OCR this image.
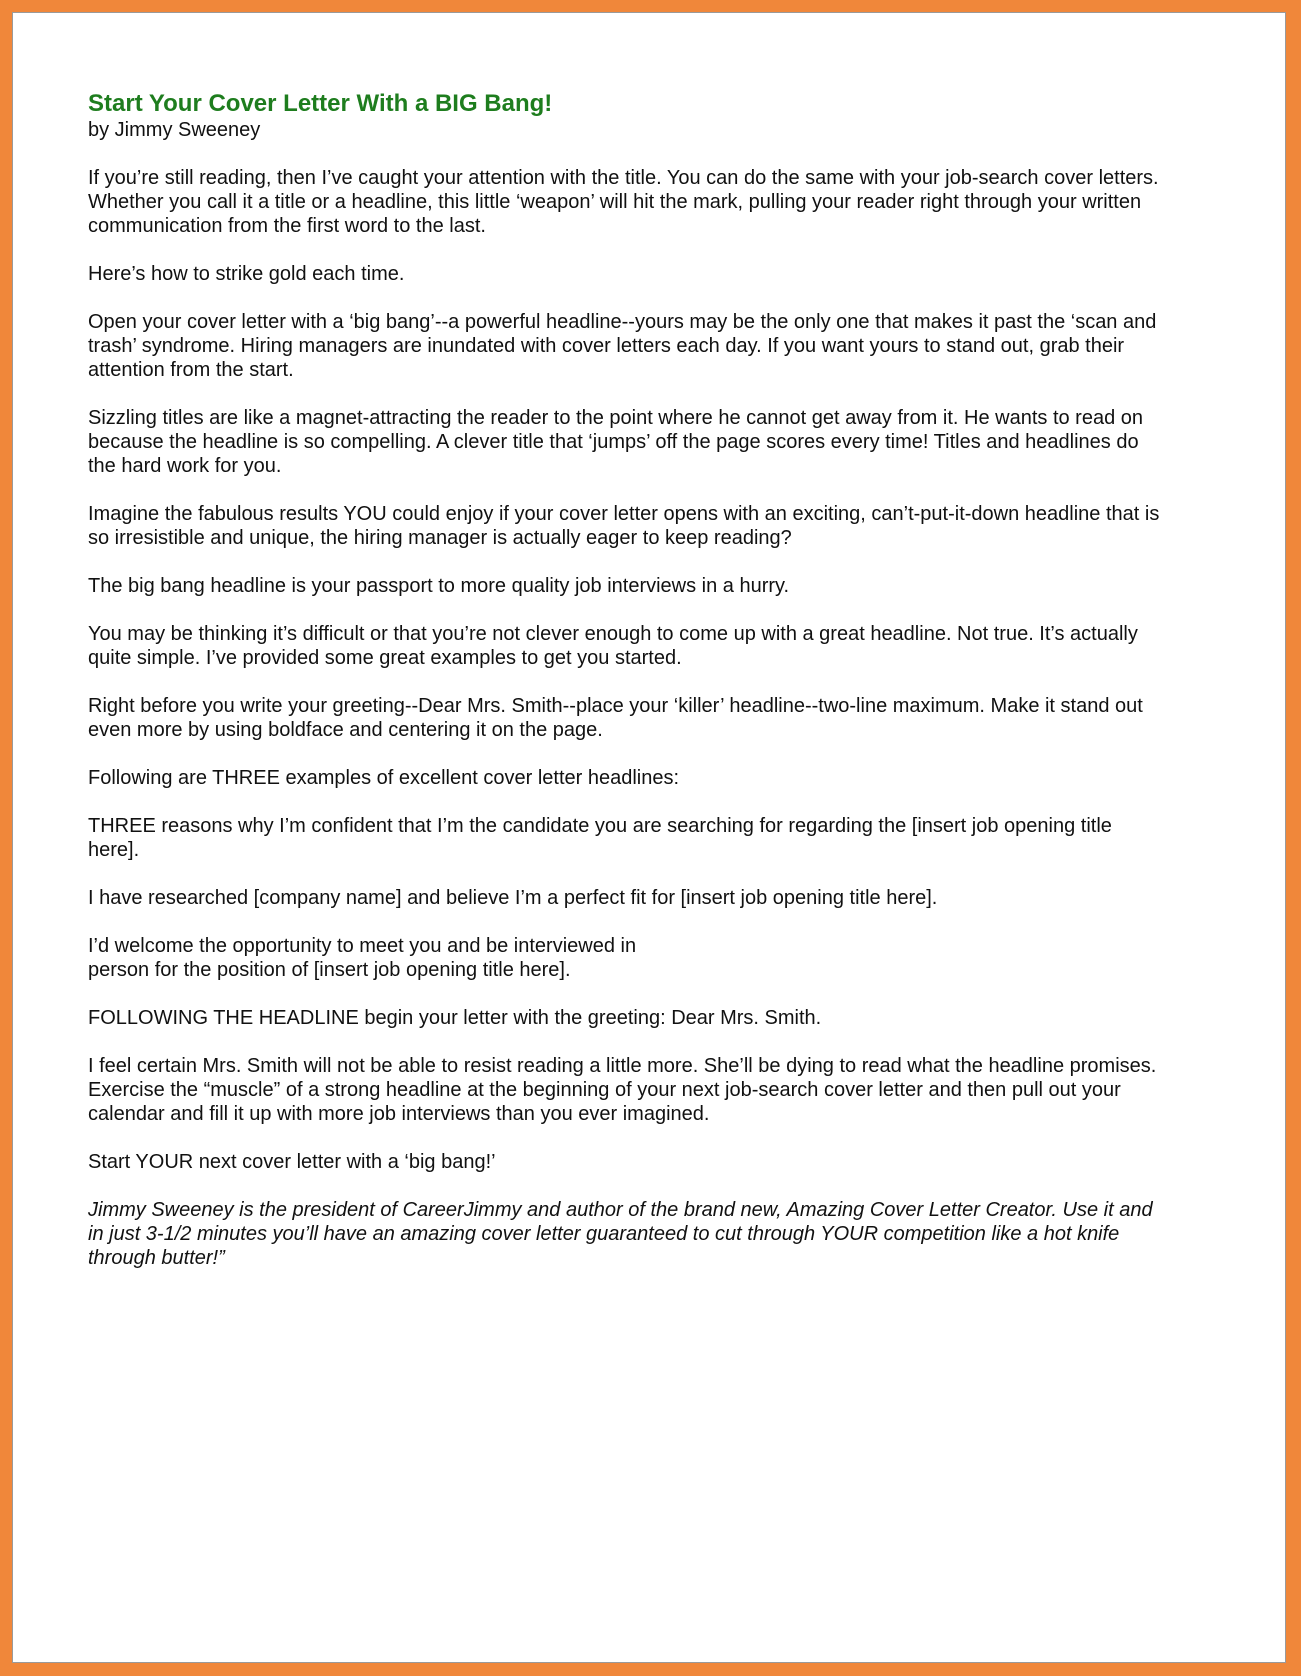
Start Your Cover Letter With a BIG Bang!

by Jimmy Sweeney

If you’re still reading, then I’ve caught your attention with the title. You can do the same with your job-search cover letters.
Whether you call it a title or a headline, this little ‘weapon’ will hit the mark, pulling your reader right through your written
communication from the first word to the last.

Here’s how to strike gold each time.

Open your cover letter with a ‘big bang’--a powerful headline--yours may be the only one that makes it past the ‘scan and
trash’ syndrome. Hiring managers are inundated with cover letters each day. If you want yours to stand out, grab their
attention from the start.

Sizzling titles are like a magnet-attracting the reader to the point where he cannot get away from it. He wants to read on
because the headline is so compelling. A clever title that ‘jumps’ off the page scores every time! Titles and headlines do
the hard work for you.

Imagine the fabulous results YOU could enjoy if your cover letter opens with an exciting, can’t-put-it-down headline that is
so irresistible and unique, the hiring manager is actually eager to keep reading?

The big bang headline is your passport to more quality job interviews in a hurry.

You may be thinking it’s difficult or that you’re not clever enough to come up with a great headline. Not true. It’s actually
quite simple. I’ve provided some great examples to get you started.

Right before you write your greeting--Dear Mrs. Smith--place your ‘killer’ headline--two-line maximum. Make it stand out
even more by using boldface and centering it on the page.

Following are THREE examples of excellent cover letter headlines:

THREE reasons why I’m confident that I’m the candidate you are searching for regarding the [insert job opening title
here].

I have researched [company name] and believe I’m a perfect fit for [insert job opening title here].

I’d welcome the opportunity to meet you and be interviewed in
person for the position of [insert job opening title here].

FOLLOWING THE HEADLINE begin your letter with the greeting: Dear Mrs. Smith.

I feel certain Mrs. Smith will not be able to resist reading a little more. She’ll be dying to read what the headline promises.
Exercise the “muscle” of a strong headline at the beginning of your next job-search cover letter and then pull out your
calendar and fill it up with more job interviews than you ever imagined.

Start YOUR next cover letter with a ‘big bang!’

Jimmy Sweeney is the president of CareerJimmy and author of the brand new, Amazing Cover Letter Creator. Use it and
in just 3-1/2 minutes you’ll have an amazing cover letter guaranteed to cut through YOUR competition like a hot knife
through butter!”
